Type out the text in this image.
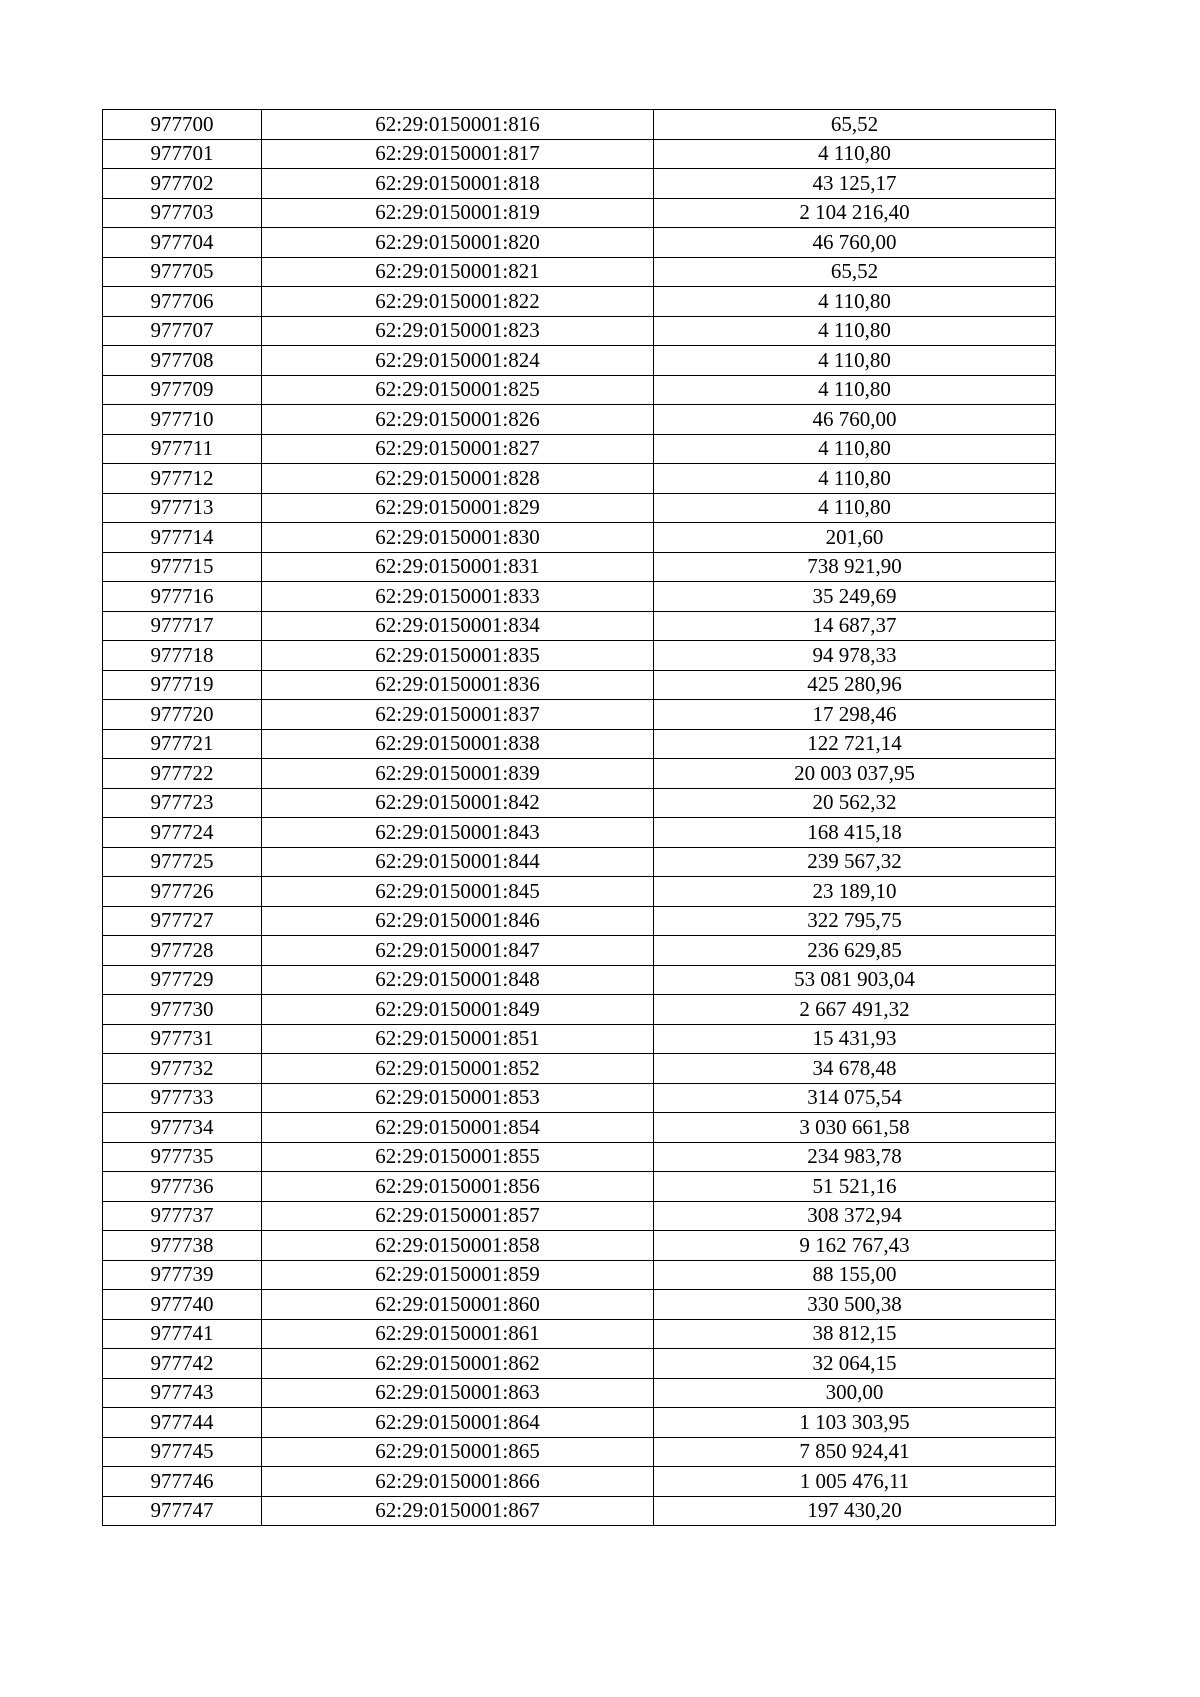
977700	62:29:0150001:816	65,52
977701	62:29:0150001:817	4 110,80
977702	62:29:0150001:818	43 125,17
977703	62:29:0150001:819	2 104 216,40
977704	62:29:0150001:820	46 760,00
977705	62:29:0150001:821	65,52
977706	62:29:0150001:822	4 110,80
977707	62:29:0150001:823	4 110,80
977708	62:29:0150001:824	4 110,80
977709	62:29:0150001:825	4 110,80
977710	62:29:0150001:826	46 760,00
977711	62:29:0150001:827	4 110,80
977712	62:29:0150001:828	4 110,80
977713	62:29:0150001:829	4 110,80
977714	62:29:0150001:830	201,60
977715	62:29:0150001:831	738 921,90
977716	62:29:0150001:833	35 249,69
977717	62:29:0150001:834	14 687,37
977718	62:29:0150001:835	94 978,33
977719	62:29:0150001:836	425 280,96
977720	62:29:0150001:837	17 298,46
977721	62:29:0150001:838	122 721,14
977722	62:29:0150001:839	20 003 037,95
977723	62:29:0150001:842	20 562,32
977724	62:29:0150001:843	168 415,18
977725	62:29:0150001:844	239 567,32
977726	62:29:0150001:845	23 189,10
977727	62:29:0150001:846	322 795,75
977728	62:29:0150001:847	236 629,85
977729	62:29:0150001:848	53 081 903,04
977730	62:29:0150001:849	2 667 491,32
977731	62:29:0150001:851	15 431,93
977732	62:29:0150001:852	34 678,48
977733	62:29:0150001:853	314 075,54
977734	62:29:0150001:854	3 030 661,58
977735	62:29:0150001:855	234 983,78
977736	62:29:0150001:856	51 521,16
977737	62:29:0150001:857	308 372,94
977738	62:29:0150001:858	9 162 767,43
977739	62:29:0150001:859	88 155,00
977740	62:29:0150001:860	330 500,38
977741	62:29:0150001:861	38 812,15
977742	62:29:0150001:862	32 064,15
977743	62:29:0150001:863	300,00
977744	62:29:0150001:864	1 103 303,95
977745	62:29:0150001:865	7 850 924,41
977746	62:29:0150001:866	1 005 476,11
977747	62:29:0150001:867	197 430,20
